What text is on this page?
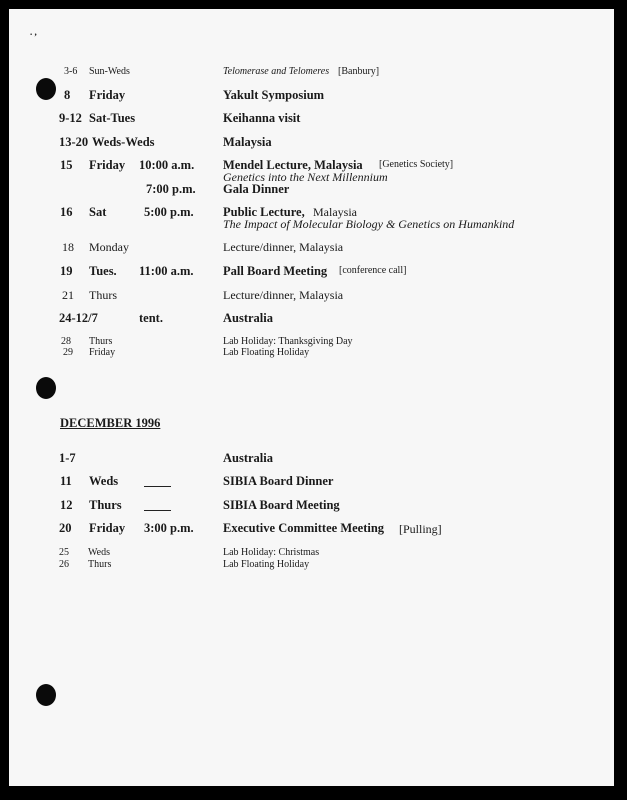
. ,
3-6 Sun-Weds	Telomerase and Telomeres [Banbury]
8 Friday	Yakult Symposium
9-12 Sat-Tues	Keihanna visit
13-20 Weds-Weds	Malaysia
15 Friday 10:00 a.m. Mendel Lecture, Malaysia [Genetics Society]
Genetics into the Next Millennium
7:00 p.m. Gala Dinner
16 Sat	5:00 p.m. Public Lecture, Malaysia
The Impact of Molecular Biology & Genetics on Humankind
18 Monday	Lecture/dinner, Malaysia
19 Tues. 11:00 a.m. Pall Board Meeting [conference call]
21 Thurs	Lecture/dinner, Malaysia
24-12/7	tent.	Australia
28 Thurs	Lab Holiday: Thanksgiving Day
29 Friday	Lab Floating Holiday
DECEMBER 1996
1-7	Australia
11 Weds	SIBIA Board Dinner
12 Thurs	SIBIA Board Meeting
20 Friday 3:00 p.m. Executive Committee Meeting [Pulling]
25 Weds	Lab Holiday: Christmas
26 Thurs	Lab Floating Holiday
